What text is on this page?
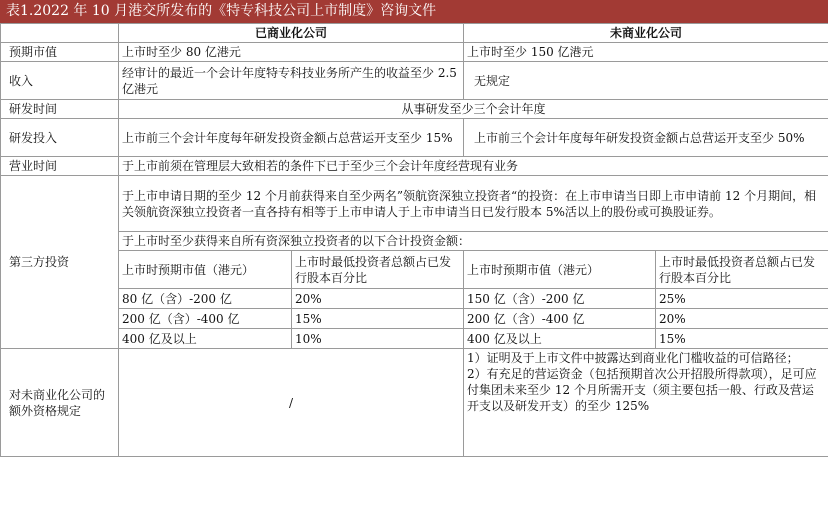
表1.2022 年 10 月港交所发布的《特专科技公司上市制度》咨询文件
	已商业化公司		未商业化公司	
预期市值	上市时至少 80 亿港元		上市时至少 150 亿港元	
收入	经审计的最近一个会计年度特专科技业务所产生的收益至少 2.5 亿港元		无规定	
研发时间	从事研发至少三个会计年度			
研发投入	上市前三个会计年度每年研发投资金额占总营运开支至少 15%		上市前三个会计年度每年研发投资金额占总营运开支至少 50%	
营业时间	于上市前须在管理层大致相若的条件下已于至少三个会计年度经营现有业务			
第三方投资	于上市申请日期的至少 12 个月前获得来自至少两名”领航资深独立投资者“的投资：在上市申请当日即上市申请前 12 个月期间，相关领航资深独立投资者一直各持有相等于上市申请人于上市申请当日已发行股本 5%活以上的股份或可换股证券。			
	于上市时至少获得来自所有资深独立投资者的以下合计投资金额：			
	上市时预期市值（港元）	上市时最低投资者总额占已发行股本百分比	上市时预期市值（港元）	上市时最低投资者总额占已发行股本百分比
	80 亿（含）-200 亿	20%	150 亿（含）-200 亿	25%
	200 亿（含）-400 亿	15%	200 亿（含）-400 亿	20%
	400 亿及以上	10%	400 亿及以上	15%
对未商业化公司的额外资格规定	/		1）证明及于上市文件中披露达到商业化门槛收益的可信路径；
2）有充足的营运资金（包括预期首次公开招股所得款项），足可应付集团未来至少 12 个月所需开支（须主要包括一般、行政及营运开支以及研发开支）的至少 125%	
